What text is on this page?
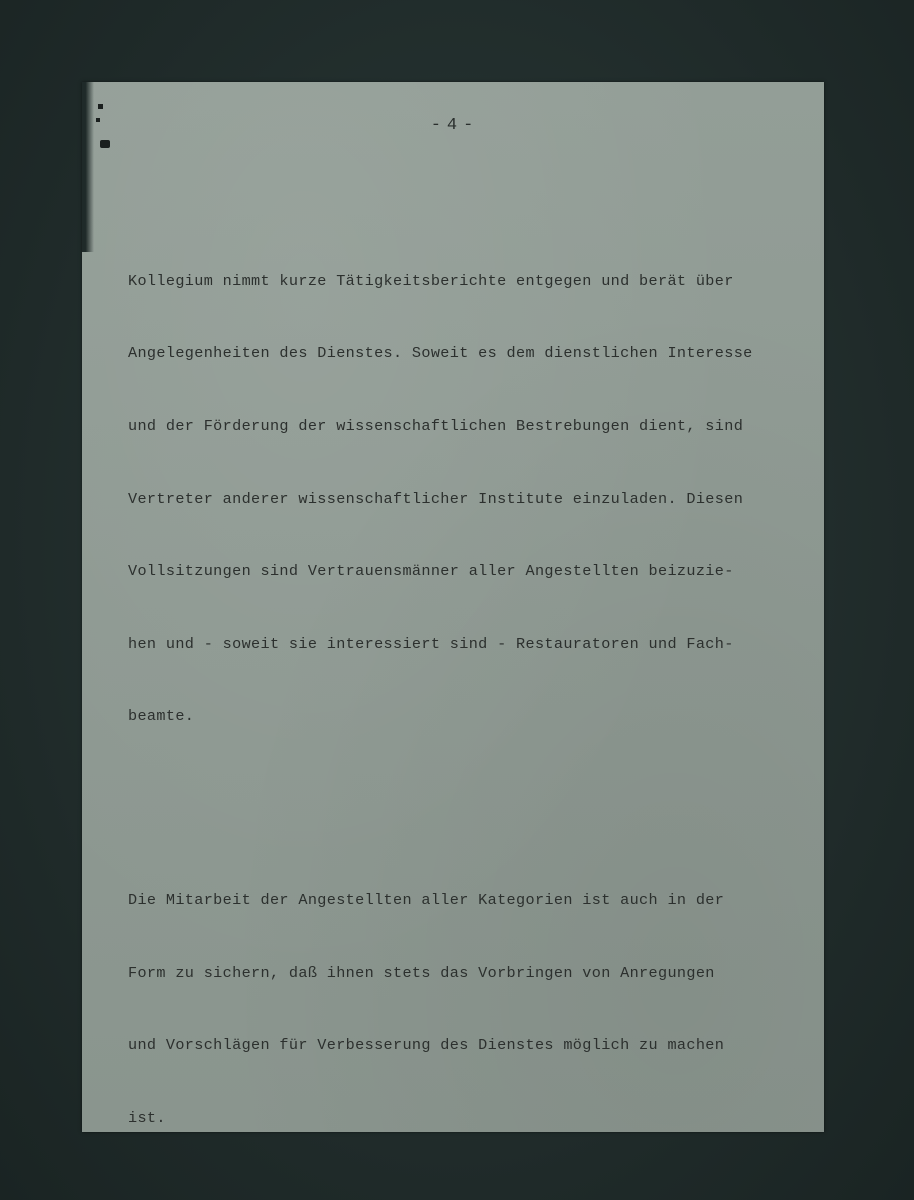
- 4 -

Kollegium nimmt kurze Tätigkeitsberichte entgegen und berät über

Angelegenheiten des Dienstes. Soweit es dem dienstlichen Interesse

und der Förderung der wissenschaftlichen Bestrebungen dient, sind

Vertreter anderer wissenschaftlicher Institute einzuladen. Diesen

Vollsitzungen sind Vertrauensmänner aller Angestellten beizuzie-

hen und - soweit sie interessiert sind - Restauratoren und Fach-

beamte.

Die Mitarbeit der Angestellten aller Kategorien ist auch in der

Form zu sichern, daß ihnen stets das Vorbringen von Anregungen

und Vorschlägen für Verbesserung des Dienstes möglich zu machen

ist.
